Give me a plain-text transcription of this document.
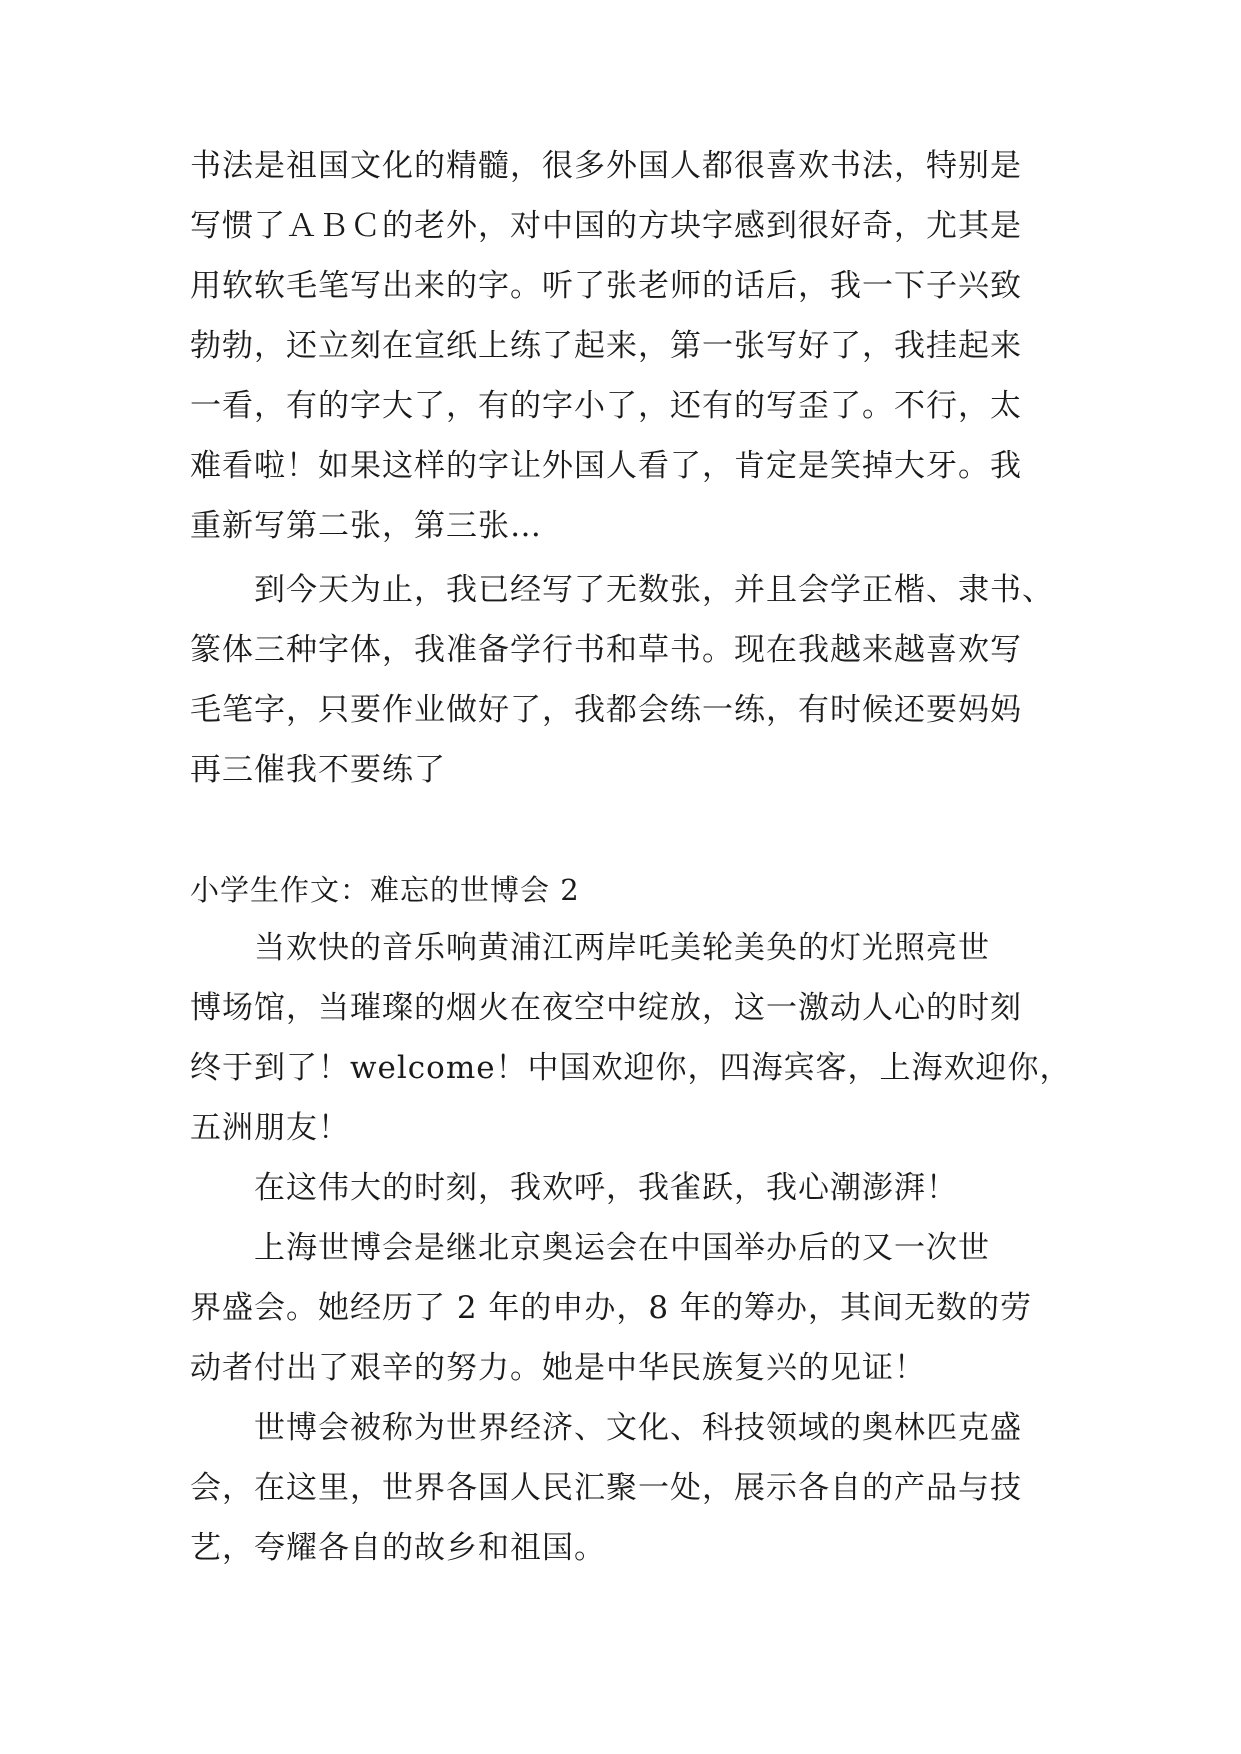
书法是祖国文化的精髓，很多外国人都很喜欢书法，特别是
写惯了ＡＢＣ的老外，对中国的方块字感到很好奇，尤其是
用软软毛笔写出来的字。听了张老师的话后，我一下子兴致
勃勃，还立刻在宣纸上练了起来，第一张写好了，我挂起来
一看，有的字大了，有的字小了，还有的写歪了。不行，太
难看啦！如果这样的字让外国人看了，肯定是笑掉大牙。我
重新写第二张，第三张…
到今天为止，我已经写了无数张，并且会学正楷、隶书、
篆体三种字体，我准备学行书和草书。现在我越来越喜欢写
毛笔字，只要作业做好了，我都会练一练，有时候还要妈妈
再三催我不要练了
小学生作文：难忘的世博会 2
当欢快的音乐响黄浦江两岸吒美轮美奂的灯光照亮世
博场馆，当璀璨的烟火在夜空中绽放，这一激动人心的时刻
终于到了！welcome！中国欢迎你，四海宾客，上海欢迎你，
五洲朋友！
在这伟大的时刻，我欢呼，我雀跃，我心潮澎湃！
上海世博会是继北京奥运会在中国举办后的又一次世
界盛会。她经历了 2 年的申办，8 年的筹办，其间无数的劳
动者付出了艰辛的努力。她是中华民族复兴的见证！
世博会被称为世界经济、文化、科技领域的奥林匹克盛
会，在这里，世界各国人民汇聚一处，展示各自的产品与技
艺，夸耀各自的故乡和祖国。
